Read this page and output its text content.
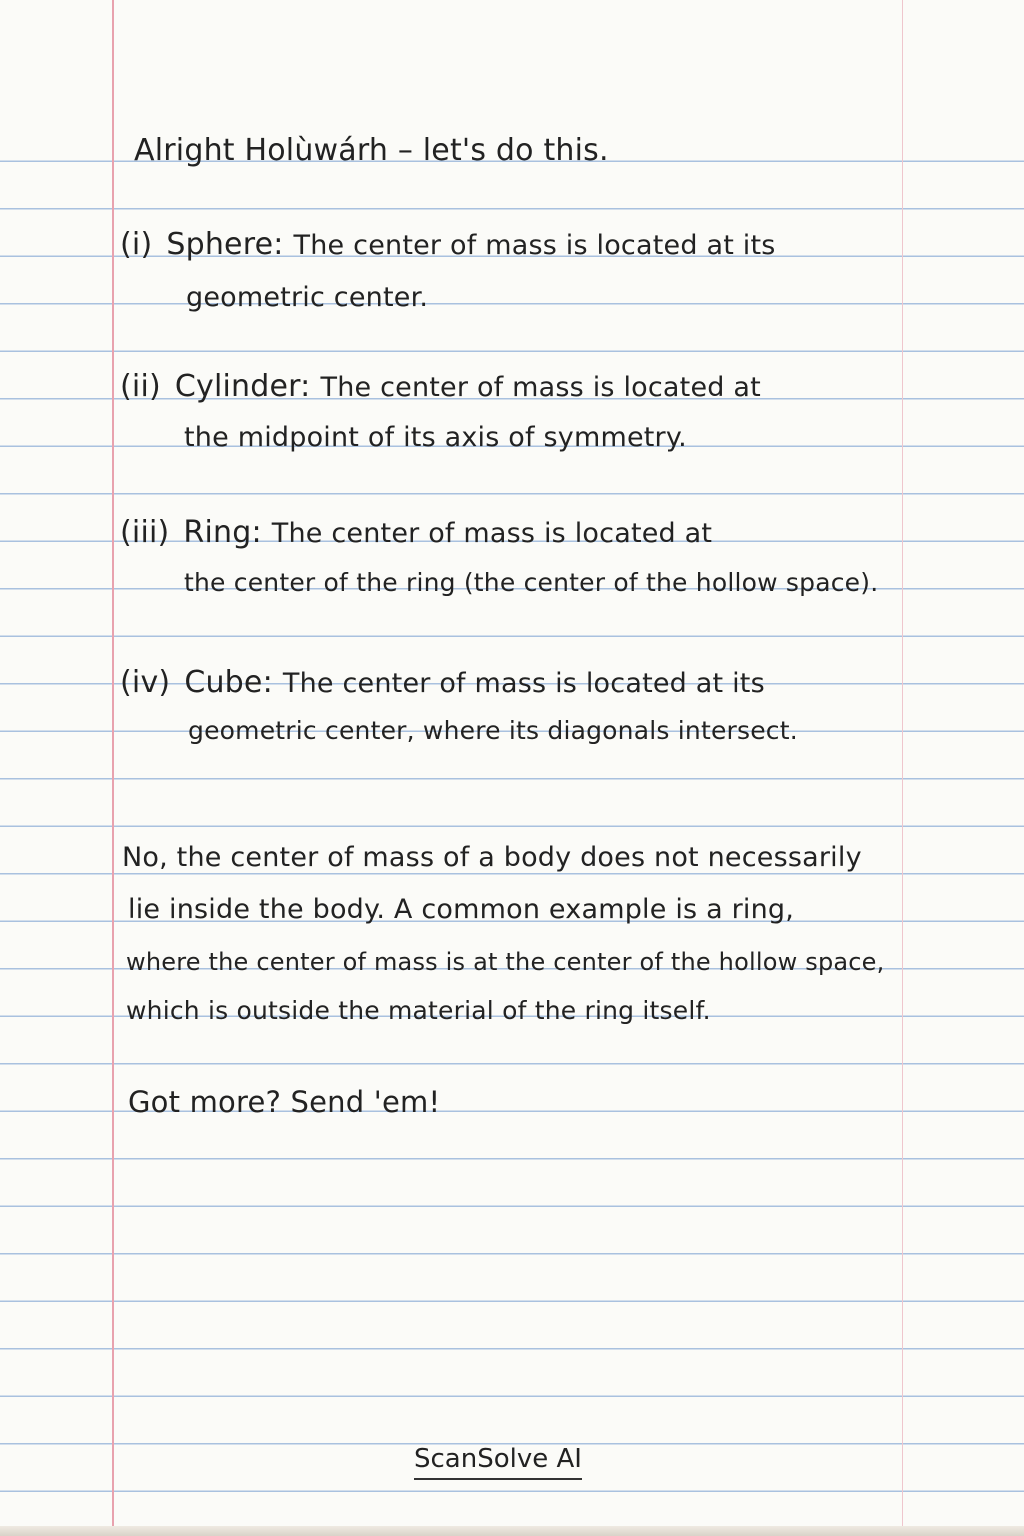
Alright Holùwárh – let's do this.
(i) Sphere: The center of mass is located at its
geometric center.
(ii) Cylinder: The center of mass is located at
the midpoint of its axis of symmetry.
(iii) Ring: The center of mass is located at
the center of the ring (the center of the hollow space).
(iv) Cube: The center of mass is located at its
geometric center, where its diagonals intersect.
No, the center of mass of a body does not necessarily
lie inside the body. A common example is a ring,
where the center of mass is at the center of the hollow space,
which is outside the material of the ring itself.
Got more? Send 'em!
ScanSolve AI
